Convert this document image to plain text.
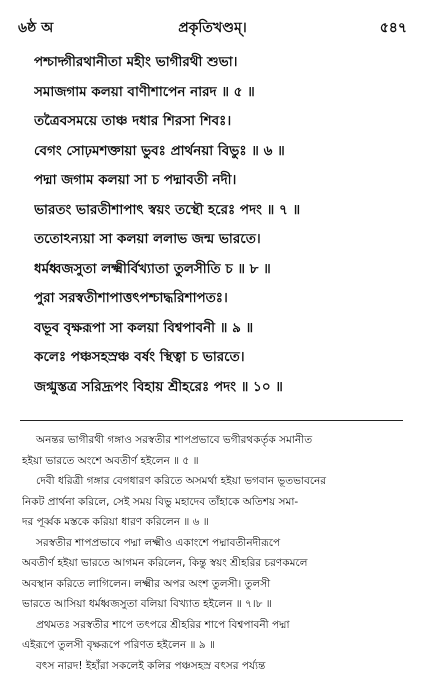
৬ষ্ঠ অ	প্রকৃতিখণ্ডম্।	৫৪৭
পশ্চাদ্গীরথানীতা মহীং ভাগীরথী শুভা।
সমাজগাম কলয়া বাণীশাপেন নারদ ॥ ৫ ॥
তত্রৈবসময়ে তাঞ্চ দধার শিরসা শিবঃ।
বেগং সোঢ়মশক্তায়া ভুবঃ প্রার্থনয়া বিভুঃ ॥ ৬ ॥
পদ্মা জগাম কলয়া সা চ পদ্মাবতী নদী।
ভারতং ভারতীশাপাৎ স্বয়ং তস্থৌ হরেঃ পদং ॥ ৭ ॥
ততোঽন্যয়া সা কলয়া ললাভ জন্ম ভারতে।
ধর্মধ্বজসুতা লক্ষ্মীর্বিখ্যাতা তুলসীতি চ ॥ ৮ ॥
পুরা সরস্বতীশাপাত্তৎপশ্চাদ্ধরিশাপতঃ।
বভূব বৃক্ষরূপা সা কলয়া বিশ্বপাবনী ॥ ৯ ॥
কলেঃ পঞ্চসহস্রঞ্চ বর্ষং স্থিত্বা চ ভারতে।
জগ্মুস্তত্র সরিদ্রূপং বিহায় শ্রীহরেঃ পদং ॥ ১০ ॥

অনন্তর ভাগীরথী গঙ্গাও সরস্বতীর শাপপ্রভাবে ভগীরথকর্তৃক সমানীত
হইয়া ভারতে অংশে অবতীর্ণ হইলেন ॥ ৫ ॥

দেবী ধরিত্রী গঙ্গার বেগধারণ করিতে অসমর্থা হইয়া ভগবান ভূতভাবনের
নিকট প্রার্থনা করিলে, সেই সময় বিভু মহাদেব তাঁহাকে অতিশয় সমা-
দর পূর্ব্বক মস্তকে করিয়া ধারণ করিলেন ॥ ৬ ॥

সরস্বতীর শাপপ্রভাবে পদ্মা লক্ষ্মীও একাংশে পদ্মাবতীনদীরূপে
অবতীর্ণ হইয়া ভারতে আগমন করিলেন, কিন্তু স্বয়ং শ্রীহরির চরণকমলে
অবস্থান করিতে লাগিলেন। লক্ষ্মীর অপর অংশ তুলসী। তুলসী
ভারতে আসিয়া ধর্মধ্বজসুতা বলিয়া বিখ্যাত হইলেন ॥ ৭।৮ ॥

প্রথমতঃ সরস্বতীর শাপে তৎপরে শ্রীহরির শাপে বিশ্বপাবনী পদ্মা
এইরূপে তুলসী বৃক্ষরূপে পরিণত হইলেন ॥ ৯ ॥

বৎস নারদ! ইহাঁরা সকলেই কলির পঞ্চসহস্র বৎসর পর্য্যন্ত
